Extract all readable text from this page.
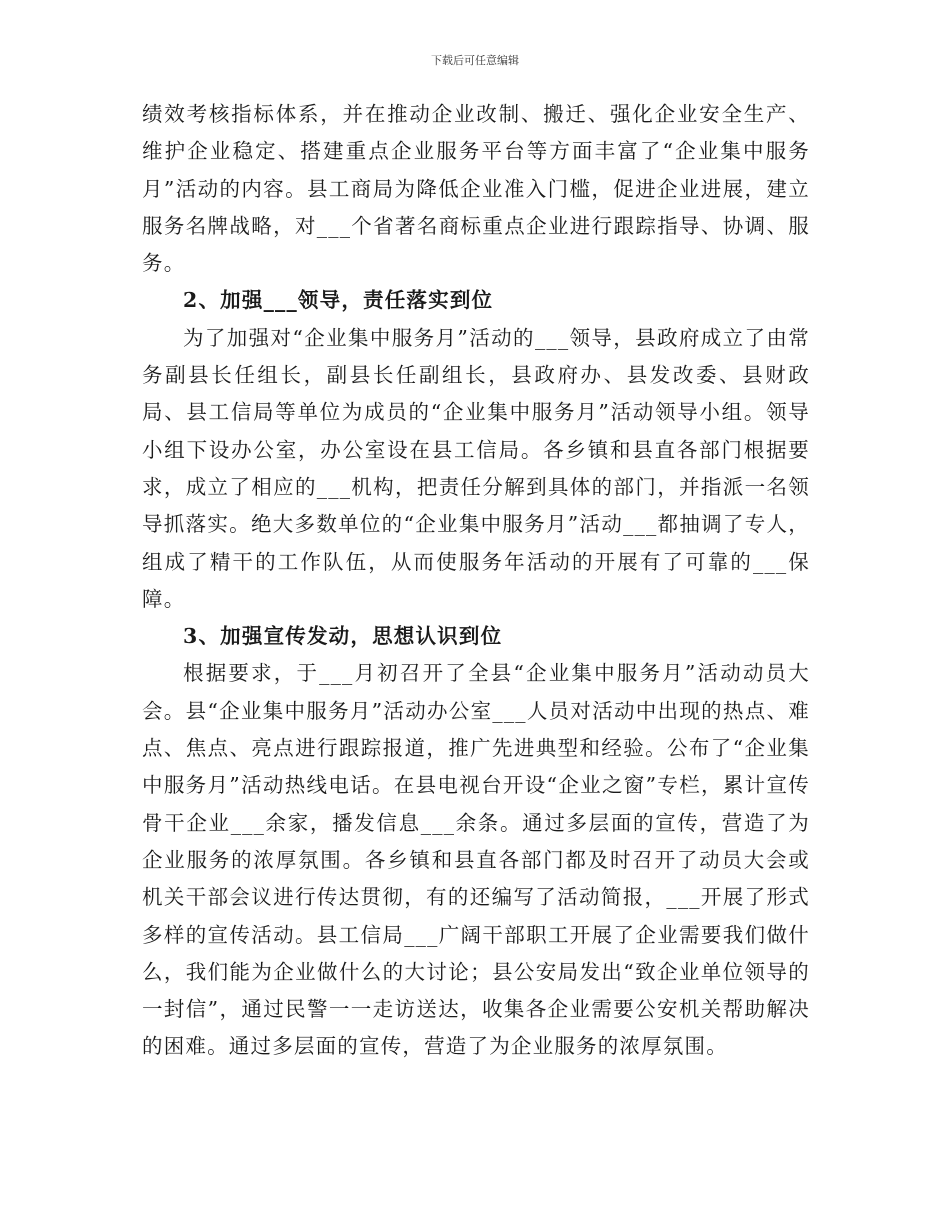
下载后可任意编辑

绩效考核指标体系，并在推动企业改制、搬迁、强化企业安全生产、维护企业稳定、搭建重点企业服务平台等方面丰富了“企业集中服务月”活动的内容。县工商局为降低企业准入门槛，促进企业进展，建立服务名牌战略，对___个省著名商标重点企业进行跟踪指导、协调、服务。

2、加强___领导，责任落实到位

为了加强对“企业集中服务月”活动的___领导，县政府成立了由常务副县长任组长，副县长任副组长，县政府办、县发改委、县财政局、县工信局等单位为成员的“企业集中服务月”活动领导小组。领导小组下设办公室，办公室设在县工信局。各乡镇和县直各部门根据要求，成立了相应的___机构，把责任分解到具体的部门，并指派一名领导抓落实。绝大多数单位的“企业集中服务月”活动___都抽调了专人，组成了精干的工作队伍，从而使服务年活动的开展有了可靠的___保障。

3、加强宣传发动，思想认识到位

根据要求，于___月初召开了全县“企业集中服务月”活动动员大会。县“企业集中服务月”活动办公室___人员对活动中出现的热点、难点、焦点、亮点进行跟踪报道，推广先进典型和经验。公布了“企业集中服务月”活动热线电话。在县电视台开设“企业之窗”专栏，累计宣传骨干企业___余家，播发信息___余条。通过多层面的宣传，营造了为企业服务的浓厚氛围。各乡镇和县直各部门都及时召开了动员大会或机关干部会议进行传达贯彻，有的还编写了活动简报，___开展了形式多样的宣传活动。县工信局___广阔干部职工开展了企业需要我们做什么，我们能为企业做什么的大讨论；县公安局发出“致企业单位领导的一封信”，通过民警一一走访送达，收集各企业需要公安机关帮助解决的困难。通过多层面的宣传，营造了为企业服务的浓厚氛围。
